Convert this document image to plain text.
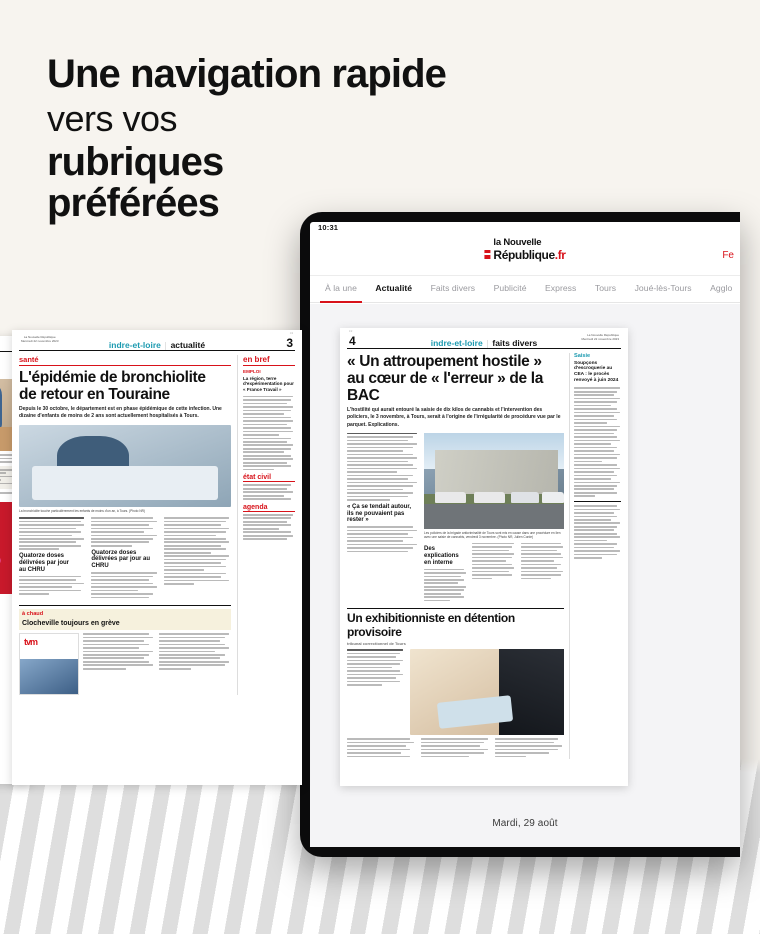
Une navigation rapide
vers vos
rubriques
préférées
10:31
la Nouvelle
République.fr	Fe
À la une Actualité Faits divers Publicité Express Tours Joué-lès-Tours Agglo
Mardi, 29 août

1/2
La Nouvelle République
Mercredi 22 novembre 2023	indre-et-loire | actualité	3
santé
L'épidémie de bronchiolite
de retour en Touraine
Depuis le 30 octobre, le département est en phase épidémique de cette infection. Une dizaine d'enfants de moins de 2 ans sont actuellement hospitalisés à Tours.
La bronchiolite touche particulièrement les enfants de moins d'un an, à Tours. (Photo NR)
Quatorze doses
délivrées par jour
au CHRU
Quatorze doses délivrées par jour au CHRU
à chaud
Clocheville toujours en grève
tvm
en bref
EMPLOI
La région, terre d'expérimentation pour « France Travail »
état civil
agenda
1/2
4	indre-et-loire | faits divers
La Nouvelle République
Mercredi 22 novembre 2023
« Un attroupement hostile »
au cœur de « l'erreur » de la BAC
L'hostilité qui aurait entouré la saisie de dix kilos de cannabis et l'intervention des policiers, le 3 novembre, à Tours, serait à l'origine de l'irrégularité de procédure vue par le parquet. Explications.
« Ça se tendait autour, ils ne pouvaient pas rester »
Les policiers de la brigade anticriminalité de Tours sont mis en cause dans une procédure en lien avec une saisie de cannabis, vendredi 3 novembre. (Photo NR, Julien Corde)
Des explications en interne
Un exhibitionniste en détention provisoire
tribunal correctionnel de Tours
Saisie
Soupçons d'escroquerie au CEA : le procès renvoyé à juin 2024
